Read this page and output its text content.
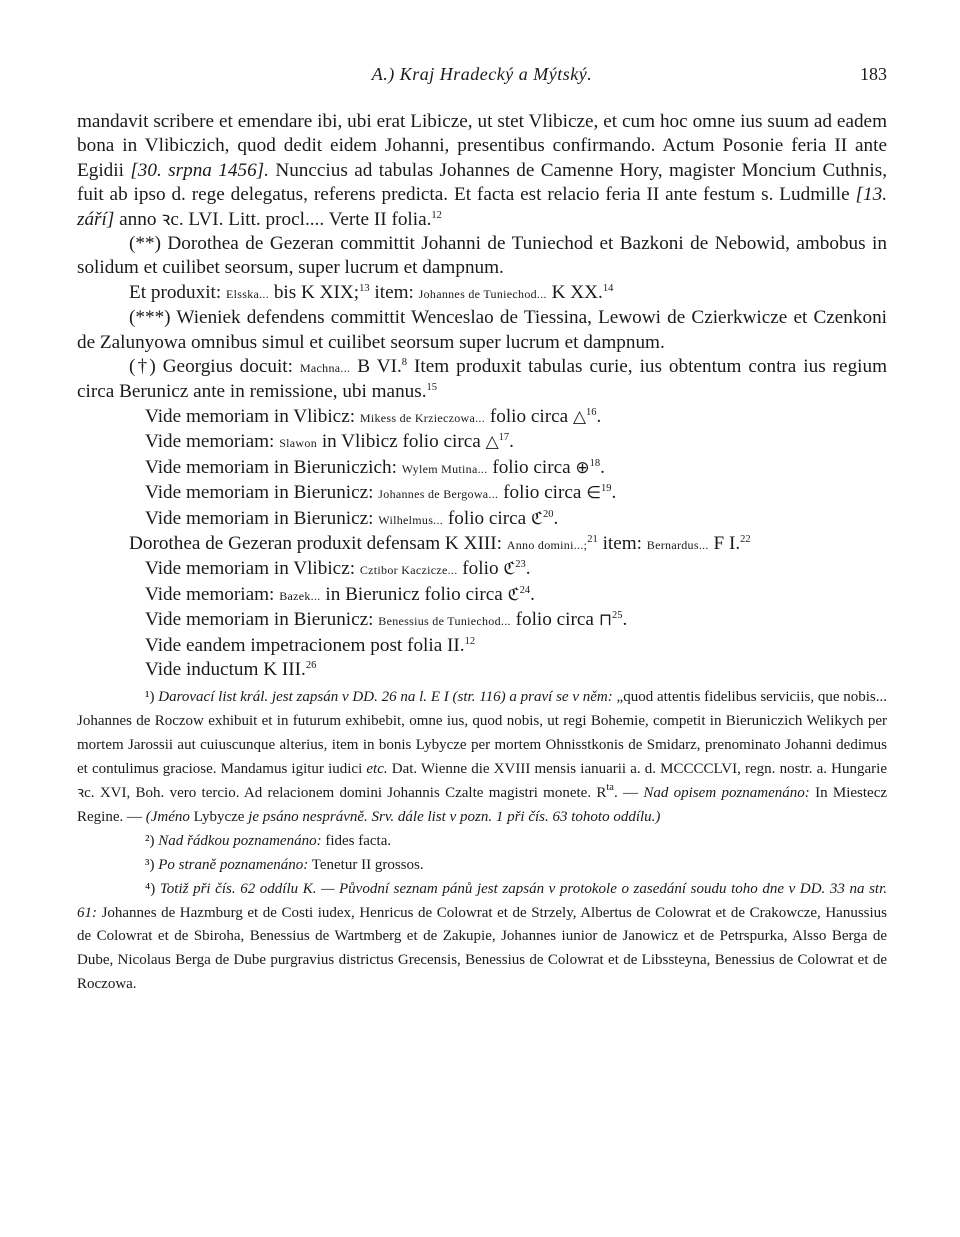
A.) Kraj Hradecký a Mýtský.	183

mandavit scribere et emendare ibi, ubi erat Libicze, ut stet Vlibicze, et cum hoc omne ius suum ad eadem bona in Vlibiczich, quod dedit eidem Johanni, presentibus confirmando. Actum Posonie feria II ante Egidii [30. srpna 1456]. Nunccius ad tabulas Johannes de Camenne Hory, magister Moncium Cuthnis, fuit ab ipso d. rege delegatus, referens predicta. Et facta est relacio feria II ante festum s. Ludmille [13. září] anno ꝛc. LVI. Litt. procl.... Verte II folia.$^{12}$

(**) Dorothea de Gezeran committit Johanni de Tuniechod et Bazkoni de Nebowid, ambobus in solidum et cuilibet seorsum, super lucrum et dampnum.

Et produxit: Elsska... bis K XIX;$^{13}$ item: Johannes de Tuniechod... K XX.$^{14}$

(***) Wieniek defendens committit Wenceslao de Tiessina, Lewowi de Czierkwicze et Czenkoni de Zalunyowa omnibus simul et cuilibet seorsum super lucrum et dampnum.

(†) Georgius docuit: Machna... B VI.$^8$ Item produxit tabulas curie, ius obtentum contra ius regium circa Berunicz ante in remissione, ubi manus.$^{15}$

Vide memoriam in Vlibicz: Mikess de Krzieczowa... folio circa △$^{16}$.

Vide memoriam: Slawon in Vlibicz folio circa △$^{17}$.

Vide memoriam in Bieruniczich: Wylem Mutina... folio circa ⊕$^{18}$.

Vide memoriam in Bierunicz: Johannes de Bergowa... folio circa ∈$^{19}$.

Vide memoriam in Bierunicz: Wilhelmus... folio circa ℭ$^{20}$.

Dorothea de Gezeran produxit defensam K XIII: Anno domini...;$^{21}$ item: Bernardus... F I.$^{22}$

Vide memoriam in Vlibicz: Cztibor Kaczicze... folio ℭ$^{23}$.

Vide memoriam: Bazek... in Bierunicz folio circa ℭ$^{24}$.

Vide memoriam in Bierunicz: Benessius de Tuniechod... folio circa ⊓$^{25}$.

Vide eandem impetracionem post folia II.$^{12}$

Vide inductum K III.$^{26}$

¹) Darovací list král. jest zapsán v DD. 26 na l. E I (str. 116) a praví se v něm: „quod attentis fidelibus serviciis, que nobis... Johannes de Roczow exhibuit et in futurum exhibebit, omne ius, quod nobis, ut regi Bohemie, competit in Bieruniczich Welikych per mortem Jarossii aut cuiuscunque alterius, item in bonis Lybycze per mortem Ohnisstkonis de Smidarz, prenominato Johanni dedimus et contulimus graciose. Mandamus igitur iudici etc. Dat. Wienne die XVIII mensis ianuarii a. d. MCCCCLVI, regn. nostr. a. Hungarie ꝛc. XVI, Boh. vero tercio. Ad relacionem domini Johannis Czalte magistri monete. $R^{ta}$. — Nad opisem poznamenáno: In Miestecz Regine. — (Jméno Lybycze je psáno nesprávně. Srv. dále list v pozn. 1 při čís. 63 tohoto oddílu.)

²) Nad řádkou poznamenáno: fides facta.

³) Po straně poznamenáno: Tenetur II grossos.

⁴) Totiž při čís. 62 oddílu K. — Původní seznam pánů jest zapsán v protokole o zasedání soudu toho dne v DD. 33 na str. 61: Johannes de Hazmburg et de Costi iudex, Henricus de Colowrat et de Strzely, Albertus de Colowrat et de Crakowcze, Hanussius de Colowrat et de Sbiroha, Benessius de Wartmberg et de Zakupie, Johannes iunior de Janowicz et de Petrspurka, Alsso Berga de Dube, Nicolaus Berga de Dube purgravius districtus Grecensis, Benessius de Colowrat et de Libssteyna, Benessius de Colowrat et de Roczowa.
